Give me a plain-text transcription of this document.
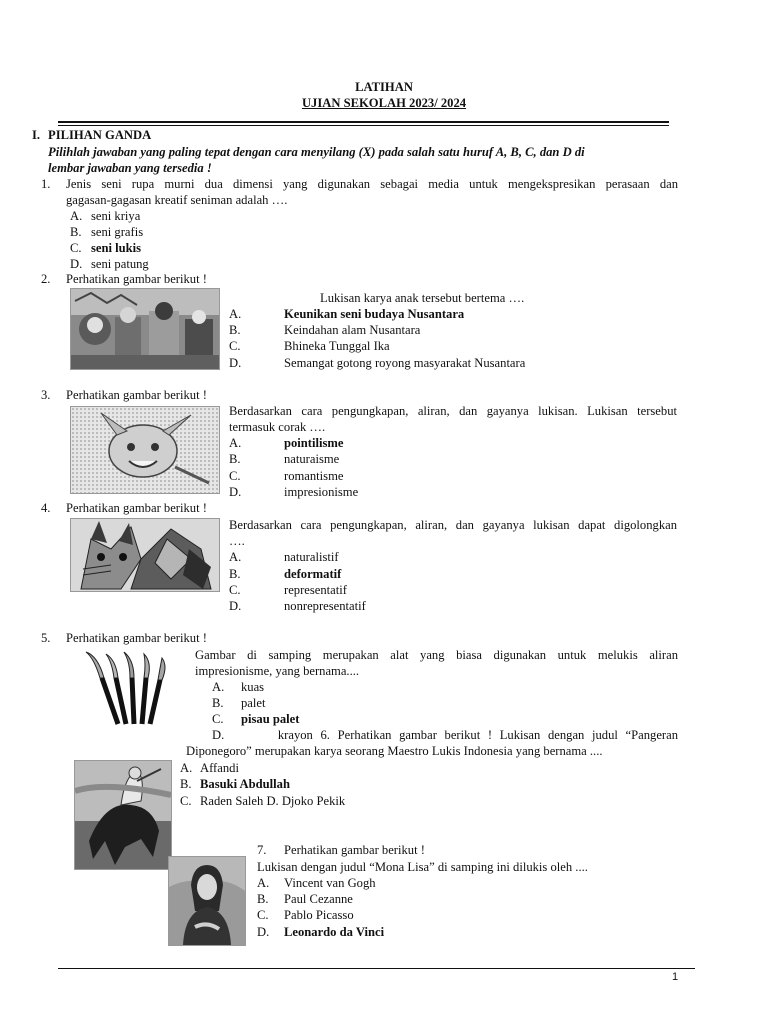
LATIHAN
UJIAN SEKOLAH 2023/ 2024
I. PILIHAN GANDA
Pilihlah jawaban yang paling tepat dengan cara menyilang (X) pada salah satu huruf A, B, C, dan D di
lembar jawaban yang tersedia !
1. Jenis seni rupa murni dua dimensi yang digunakan sebagai media untuk mengekspresikan perasaan dan
gagasan-gagasan kreatif seniman adalah ….
A. seni kriya
B. seni grafis
C. seni lukis
D. seni patung
2. Perhatikan gambar berikut !
Lukisan karya anak tersebut bertema ….
A.	Keunikan seni budaya Nusantara
B.	Keindahan alam Nusantara
C.	Bhineka Tunggal Ika
D.	Semangat gotong royong masyarakat Nusantara
3. Perhatikan gambar berikut !
Berdasarkan cara pengungkapan, aliran, dan gayanya lukisan. Lukisan tersebut
termasuk corak ….
A.	pointilisme
B.	naturaisme
C.	romantisme
D.	impresionisme
4. Perhatikan gambar berikut !
Berdasarkan cara pengungkapan, aliran, dan gayanya lukisan dapat digolongkan
….
A.	naturalistif
B.	deformatif
C.	representatif
D.	nonrepresentatif
5. Perhatikan gambar berikut !
Gambar di samping merupakan alat yang biasa digunakan untuk melukis aliran
impresionisme, yang bernama....
A. kuas
B. palet
C. pisau palet
D.       krayon 6. Perhatikan gambar berikut ! Lukisan dengan judul “Pangeran
Diponegoro” merupakan karya seorang Maestro Lukis Indonesia yang bernama ....
A. Affandi
B. Basuki Abdullah
C. Raden Saleh D. Djoko Pekik
7. Perhatikan gambar berikut !
Lukisan dengan judul “Mona Lisa” di samping ini dilukis oleh ....
A. Vincent van Gogh
B. Paul Cezanne
C. Pablo Picasso
D. Leonardo da Vinci
1
